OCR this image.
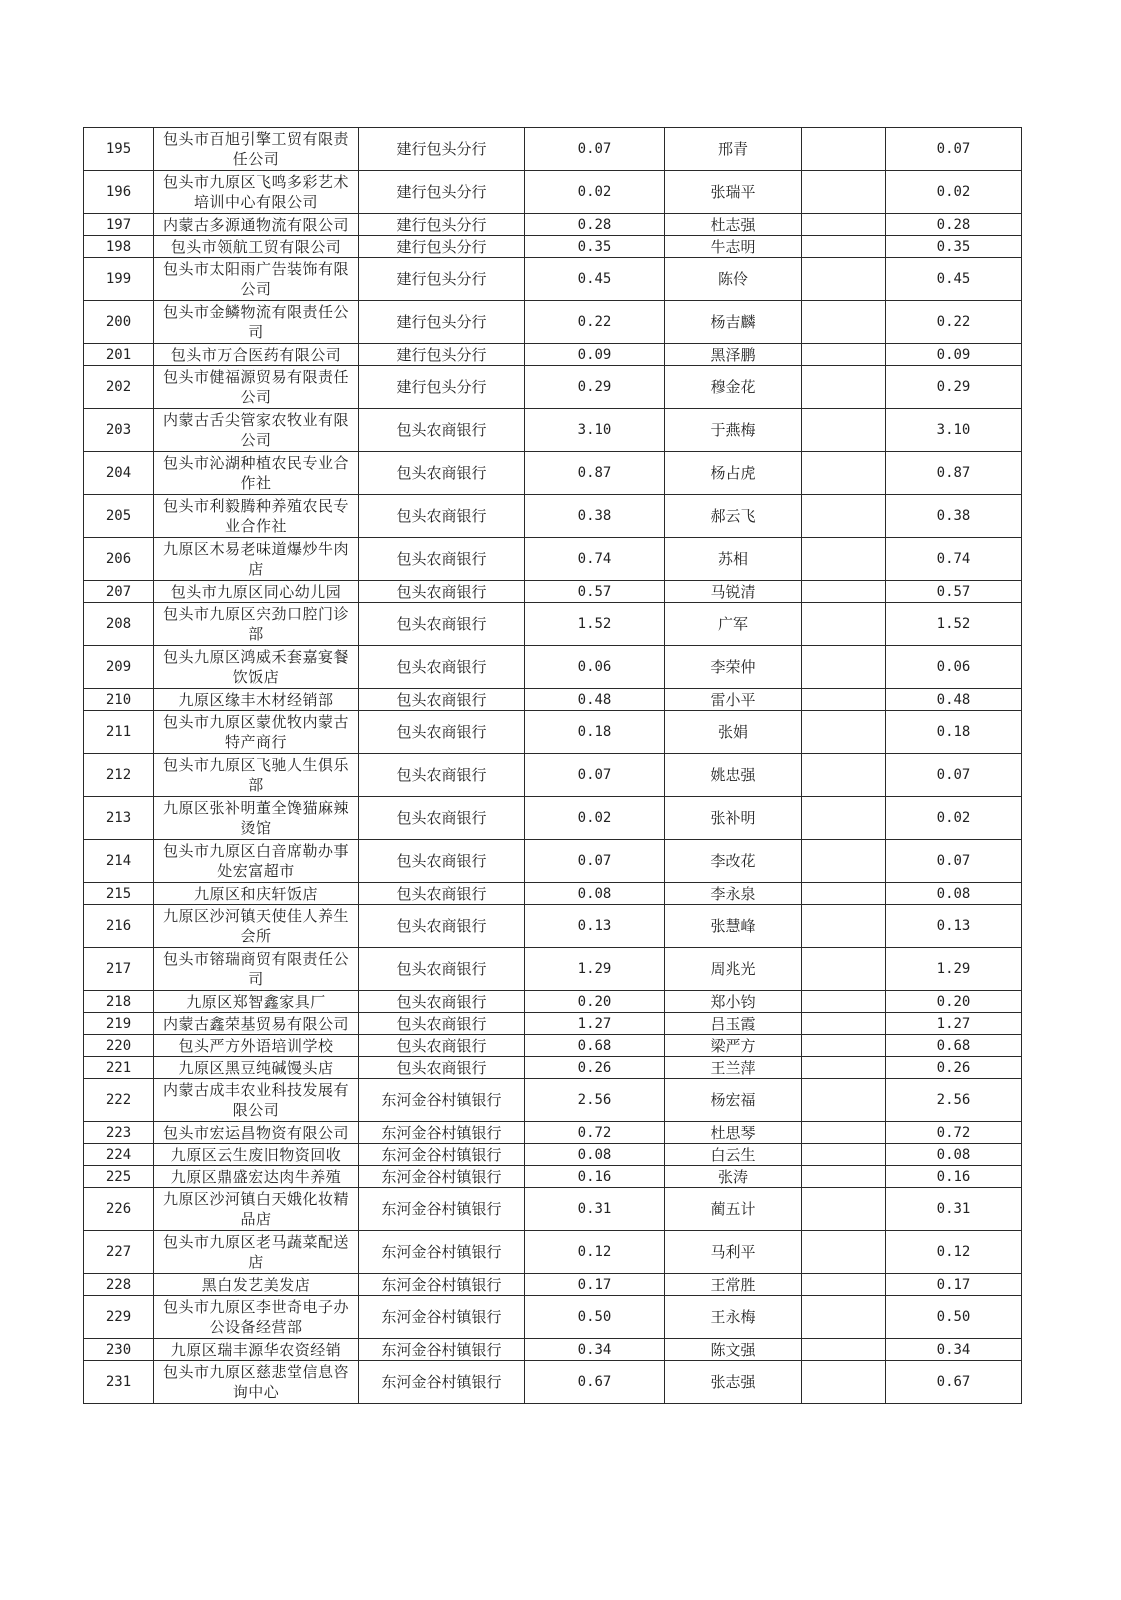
195	包头市百旭引擎工贸有限责任公司	建行包头分行	0.07	邢青		0.07
196	包头市九原区飞鸣多彩艺术培训中心有限公司	建行包头分行	0.02	张瑞平		0.02
197	内蒙古多源通物流有限公司	建行包头分行	0.28	杜志强		0.28
198	包头市领航工贸有限公司	建行包头分行	0.35	牛志明		0.35
199	包头市太阳雨广告装饰有限公司	建行包头分行	0.45	陈伶		0.45
200	包头市金鳞物流有限责任公司	建行包头分行	0.22	杨吉麟		0.22
201	包头市万合医药有限公司	建行包头分行	0.09	黑泽鹏		0.09
202	包头市健福源贸易有限责任公司	建行包头分行	0.29	穆金花		0.29
203	内蒙古舌尖管家农牧业有限公司	包头农商银行	3.10	于燕梅		3.10
204	包头市沁湖种植农民专业合作社	包头农商银行	0.87	杨占虎		0.87
205	包头市利毅腾种养殖农民专业合作社	包头农商银行	0.38	郝云飞		0.38
206	九原区木易老味道爆炒牛肉店	包头农商银行	0.74	苏相		0.74
207	包头市九原区同心幼儿园	包头农商银行	0.57	马锐清		0.57
208	包头市九原区宍劲口腔门诊部	包头农商银行	1.52	广军		1.52
209	包头九原区鸿威禾套嘉宴餐饮饭店	包头农商银行	0.06	李荣仲		0.06
210	九原区缘丰木材经销部	包头农商银行	0.48	雷小平		0.48
211	包头市九原区蒙优牧内蒙古特产商行	包头农商银行	0.18	张娟		0.18
212	包头市九原区飞驰人生俱乐部	包头农商银行	0.07	姚忠强		0.07
213	九原区张补明董全馋猫麻辣烫馆	包头农商银行	0.02	张补明		0.02
214	包头市九原区白音席勒办事处宏富超市	包头农商银行	0.07	李改花		0.07
215	九原区和庆轩饭店	包头农商银行	0.08	李永泉		0.08
216	九原区沙河镇天使佳人养生会所	包头农商银行	0.13	张慧峰		0.13
217	包头市镕瑞商贸有限责任公司	包头农商银行	1.29	周兆光		1.29
218	九原区郑智鑫家具厂	包头农商银行	0.20	郑小钧		0.20
219	内蒙古鑫荣基贸易有限公司	包头农商银行	1.27	吕玉霞		1.27
220	包头严方外语培训学校	包头农商银行	0.68	梁严方		0.68
221	九原区黑豆纯碱馒头店	包头农商银行	0.26	王兰萍		0.26
222	内蒙古成丰农业科技发展有限公司	东河金谷村镇银行	2.56	杨宏福		2.56
223	包头市宏运昌物资有限公司	东河金谷村镇银行	0.72	杜思琴		0.72
224	九原区云生废旧物资回收	东河金谷村镇银行	0.08	白云生		0.08
225	九原区鼎盛宏达肉牛养殖	东河金谷村镇银行	0.16	张涛		0.16
226	九原区沙河镇白天娥化妆精品店	东河金谷村镇银行	0.31	蔺五计		0.31
227	包头市九原区老马蔬菜配送店	东河金谷村镇银行	0.12	马利平		0.12
228	黑白发艺美发店	东河金谷村镇银行	0.17	王常胜		0.17
229	包头市九原区李世奇电子办公设备经营部	东河金谷村镇银行	0.50	王永梅		0.50
230	九原区瑞丰源华农资经销	东河金谷村镇银行	0.34	陈文强		0.34
231	包头市九原区慈悲堂信息咨询中心	东河金谷村镇银行	0.67	张志强		0.67
